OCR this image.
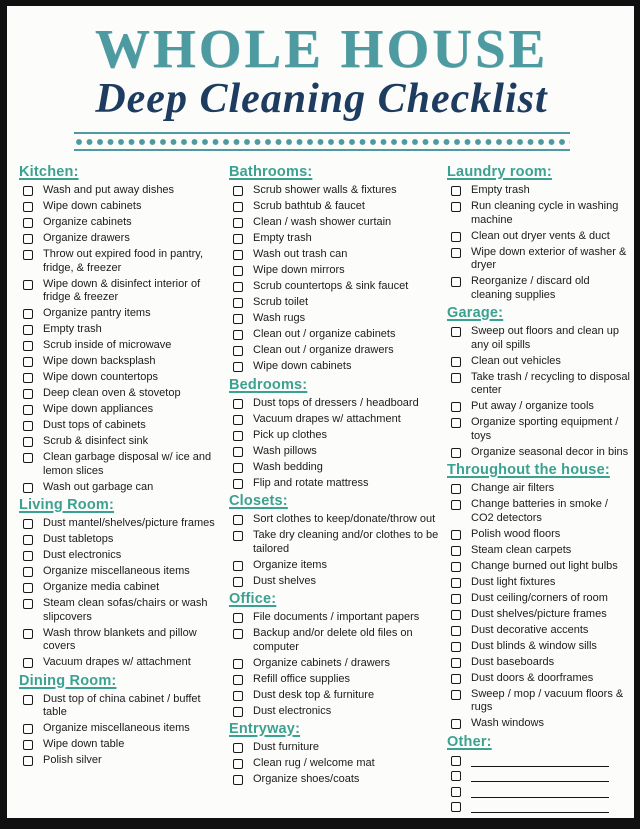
WHOLE HOUSE
Deep Cleaning Checklist
Kitchen:
Wash and put away dishes
Wipe down cabinets
Organize cabinets
Organize drawers
Throw out expired food in pantry, fridge, & freezer
Wipe down & disinfect interior of fridge & freezer
Organize pantry items
Empty trash
Scrub inside of microwave
Wipe down backsplash
Wipe down countertops
Deep clean oven & stovetop
Wipe down appliances
Dust tops of cabinets
Scrub & disinfect sink
Clean garbage disposal w/ ice and lemon slices
Wash out garbage can
Living Room:
Dust mantel/shelves/picture frames
Dust tabletops
Dust electronics
Organize miscellaneous items
Organize media cabinet
Steam clean sofas/chairs or wash slipcovers
Wash throw blankets and pillow covers
Vacuum drapes w/ attachment
Dining Room:
Dust top of china cabinet / buffet table
Organize miscellaneous items
Wipe down table
Polish silver
Bathrooms:
Scrub shower walls & fixtures
Scrub bathtub & faucet
Clean / wash shower curtain
Empty trash
Wash out trash can
Wipe down mirrors
Scrub countertops & sink faucet
Scrub toilet
Wash rugs
Clean out / organize cabinets
Clean out / organize drawers
Wipe down cabinets
Bedrooms:
Dust tops of dressers / headboard
Vacuum drapes w/ attachment
Pick up clothes
Wash pillows
Wash bedding
Flip and rotate mattress
Closets:
Sort clothes to keep/donate/throw out
Take dry cleaning and/or clothes to be tailored
Organize items
Dust shelves
Office:
File documents / important papers
Backup and/or delete old files on computer
Organize cabinets / drawers
Refill office supplies
Dust desk top & furniture
Dust electronics
Entryway:
Dust furniture
Clean rug / welcome mat
Organize shoes/coats
Laundry room:
Empty trash
Run cleaning cycle in washing machine
Clean out dryer vents & duct
Wipe down exterior of washer & dryer
Reorganize / discard old cleaning supplies
Garage:
Sweep out floors and clean up any oil spills
Clean out vehicles
Take trash / recycling to disposal center
Put away / organize tools
Organize sporting equipment / toys
Organize seasonal decor in bins
Throughout the house:
Change air filters
Change batteries in smoke / CO2 detectors
Polish wood floors
Steam clean carpets
Change burned out light bulbs
Dust light fixtures
Dust ceiling/corners of room
Dust shelves/picture frames
Dust decorative accents
Dust blinds & window sills
Dust baseboards
Dust doors & doorframes
Sweep / mop / vacuum floors & rugs
Wash windows
Other:
